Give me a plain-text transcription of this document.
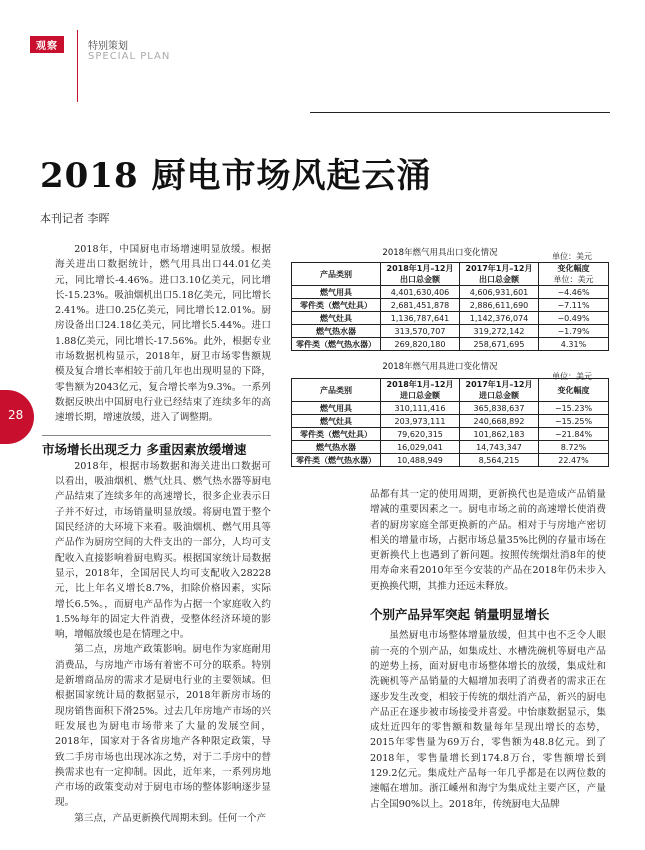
观察	特别策划
SPECIAL PLAN
2018 厨电市场风起云涌
本刊记者 李晖
28

2018年，中国厨电市场增速明显放缓。根据海关进出口数据统计，燃气用具出口44.01亿美元，同比增长-4.46%。进口3.10亿美元，同比增长-15.23%。吸油烟机出口5.18亿美元，同比增长2.41%。进口0.25亿美元，同比增长12.01%。厨房设备出口24.18亿美元，同比增长5.44%。进口1.88亿美元，同比增长-17.56%。此外，根据专业市场数据机构显示，2018年，厨卫市场零售额规模及复合增长率相较于前几年也出现明显的下降，零售额为2043亿元，复合增长率为9.3%。一系列数据反映出中国厨电行业已经结束了连续多年的高速增长期，增速放缓，进入了调整期。

市场增长出现乏力 多重因素放缓增速

2018年，根据市场数据和海关进出口数据可以看出，吸油烟机、燃气灶具、燃气热水器等厨电产品结束了连续多年的高速增长，很多企业表示日子并不好过，市场销量明显放缓。将厨电置于整个国民经济的大环境下来看。吸油烟机、燃气用具等产品作为厨房空间的大件支出的一部分，人均可支配收入直接影响着厨电购买。根据国家统计局数据显示，2018年，全国居民人均可支配收入28228元，比上年名义增长8.7%，扣除价格因素，实际增长6.5%。，而厨电产品作为占据一个家庭收入约1.5%每年的固定大件消费，受整体经济环境的影响，增幅放缓也是在情理之中。

第二点，房地产政策影响。厨电作为家庭耐用消费品，与房地产市场有着密不可分的联系。特别是新增商品房的需求才是厨电行业的主要领域。但根据国家统计局的数据显示，2018年新房市场的现房销售面积下滑25%。过去几年房地产市场的兴旺发展也为厨电市场带来了大量的发展空间，2018年，国家对于各省房地产各种限定政策，导致二手房市场也出现冰冻之势，对于二手房中的替换需求也有一定抑制。因此，近年来，一系列房地产市场的政策变动对于厨电市场的整体影响逐步显现。

第三点，产品更新换代周期未到。任何一个产

2018年燃气用具出口变化情况	单位：美元
产品类别	2018年1月–12月出口总金额	2017年1月–12月出口总金额	变化幅度
单位：美元
燃气用具	4,401,630,406	4,606,931,601	−4.46%
零件类（燃气灶具）	2,681,451,878	2,886,611,690	−7.11%
燃气灶具	1,136,787,641	1,142,376,074	−0.49%
燃气热水器	313,570,707	319,272,142	−1.79%
零件类（燃气热水器）	269,820,180	258,671,695	4.31%
2018年燃气用具进口变化情况
单位：美元
产品类别	2018年1月–12月进口总金额	2017年1月–12月进口总金额	变化幅度
燃气用具	310,111,416	365,838,637	−15.23%
燃气灶具	203,973,111	240,668,892	−15.25%
零件类（燃气灶具）	79,620,315	101,862,183	−21.84%
燃气热水器	16,029,041	14,743,347	8.72%
零件类（燃气热水器）	10,488,949	8,564,215	22.47%

品都有其一定的使用周期，更新换代也是造成产品销量增减的重要因素之一。厨电市场之前的高速增长使消费者的厨房家庭全部更换新的产品。相对于与房地产密切相关的增量市场，占据市场总量35%比例的存量市场在更新换代上也遇到了新问题。按照传统烟灶消8年的使用寿命来看2010年至今安装的产品在2018年仍未步入更换换代期，其推力还远未释放。

个别产品异军突起 销量明显增长

虽然厨电市场整体增量放缓，但其中也不乏令人眼前一亮的个别产品，如集成灶、水槽洗碗机等厨电产品的逆势上扬，面对厨电市场整体增长的放缓，集成灶和洗碗机等产品销量的大幅增加表明了消费者的需求正在逐步发生改变，相较于传统的烟灶消产品，新兴的厨电产品正在逐步被市场接受并喜爱。中怡康数据显示，集成灶近四年的零售额和数量每年呈现出增长的态势，2015年零售量为69万台，零售额为48.8亿元。到了2018年，零售量增长到174.8万台，零售额增长到129.2亿元。集成灶产品每一年几乎都是在以两位数的速幅在增加。浙江嵊州和海宁为集成灶主要产区，产量占全国90%以上。2018年，传统厨电大品牌
